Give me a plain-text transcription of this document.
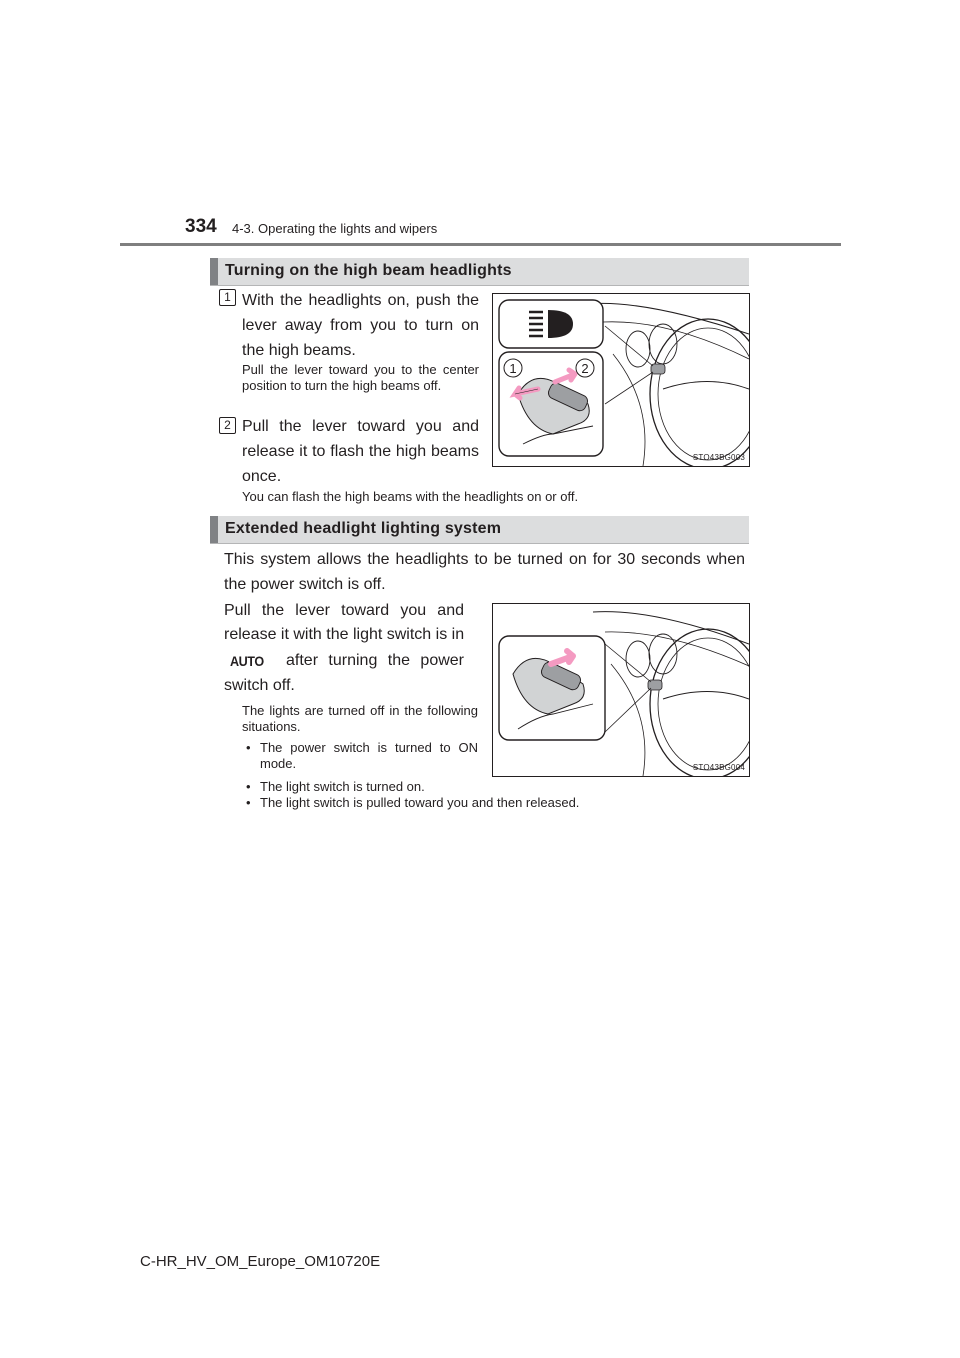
334 4-3. Operating the lights and wipers
Turning on the high beam headlights
1 With the headlights on, push the lever away from you to turn on the high beams.
Pull the lever toward you to the center position to turn the high beams off.
2 Pull the lever toward you and release it to flash the high beams once.
You can flash the high beams with the headlights on or off.
1	2
STO43BG003
Extended headlight lighting system
This system allows the headlights to be turned on for 30 seconds when the power switch is off.
Pull the lever toward you and
release it with the light switch is in
AUTO after turning the power
switch off.
The lights are turned off in the following situations.
• The power switch is turned to ON mode.
• The light switch is turned on.
• The light switch is pulled toward you and then released.
STO43BG004
C-HR_HV_OM_Europe_OM10720E
